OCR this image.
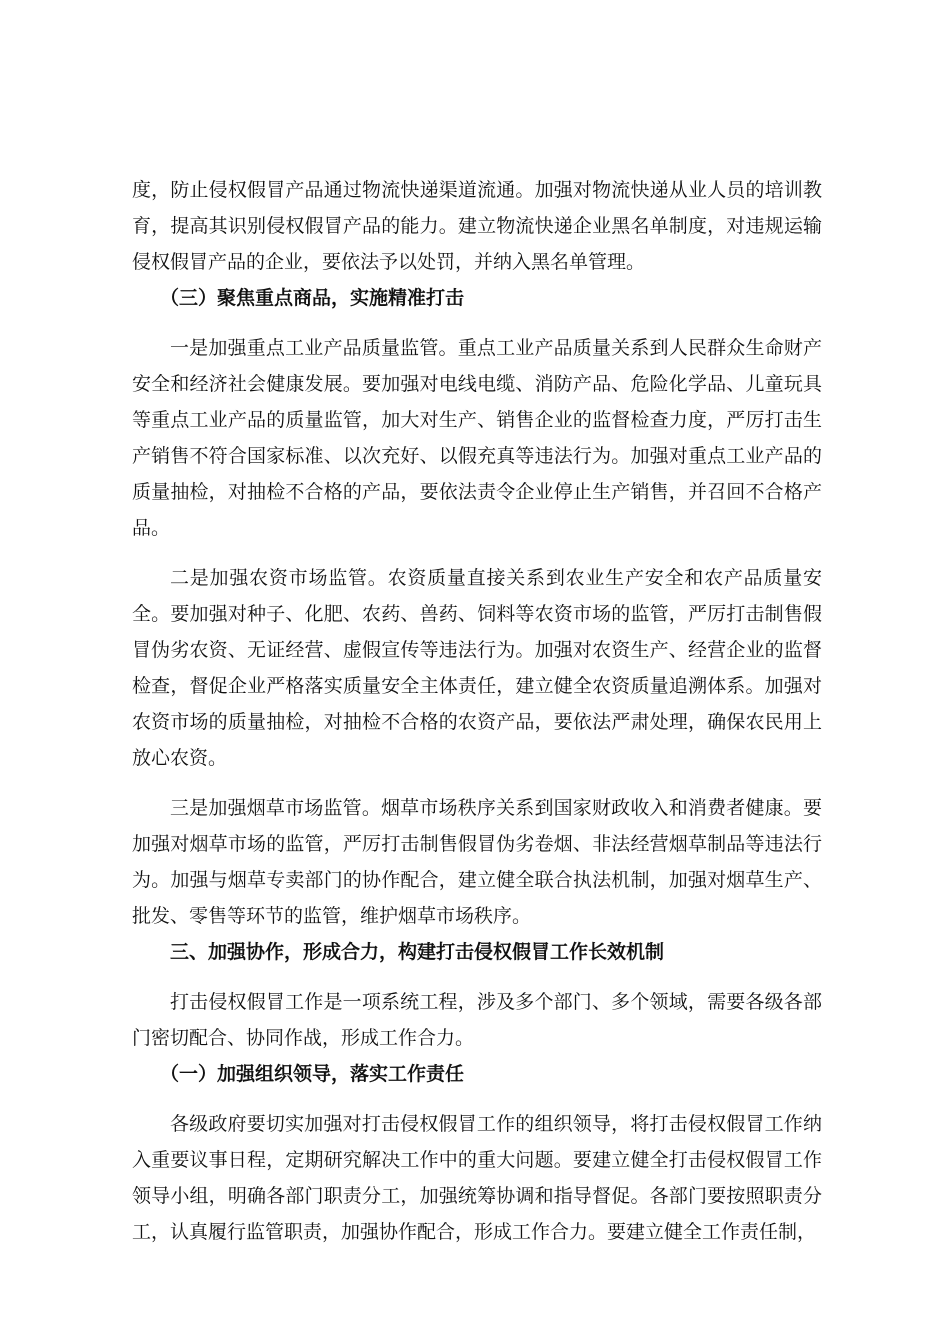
度，防止侵权假冒产品通过物流快递渠道流通。加强对物流快递从业人员的培训教育，提高其识别侵权假冒产品的能力。建立物流快递企业黑名单制度，对违规运输侵权假冒产品的企业，要依法予以处罚，并纳入黑名单管理。

（三）聚焦重点商品，实施精准打击

一是加强重点工业产品质量监管。重点工业产品质量关系到人民群众生命财产安全和经济社会健康发展。要加强对电线电缆、消防产品、危险化学品、儿童玩具等重点工业产品的质量监管，加大对生产、销售企业的监督检查力度，严厉打击生产销售不符合国家标准、以次充好、以假充真等违法行为。加强对重点工业产品的质量抽检，对抽检不合格的产品，要依法责令企业停止生产销售，并召回不合格产品。

二是加强农资市场监管。农资质量直接关系到农业生产安全和农产品质量安全。要加强对种子、化肥、农药、兽药、饲料等农资市场的监管，严厉打击制售假冒伪劣农资、无证经营、虚假宣传等违法行为。加强对农资生产、经营企业的监督检查，督促企业严格落实质量安全主体责任，建立健全农资质量追溯体系。加强对农资市场的质量抽检，对抽检不合格的农资产品，要依法严肃处理，确保农民用上放心农资。

三是加强烟草市场监管。烟草市场秩序关系到国家财政收入和消费者健康。要加强对烟草市场的监管，严厉打击制售假冒伪劣卷烟、非法经营烟草制品等违法行为。加强与烟草专卖部门的协作配合，建立健全联合执法机制，加强对烟草生产、批发、零售等环节的监管，维护烟草市场秩序。

三、加强协作，形成合力，构建打击侵权假冒工作长效机制

打击侵权假冒工作是一项系统工程，涉及多个部门、多个领域，需要各级各部门密切配合、协同作战，形成工作合力。

（一）加强组织领导，落实工作责任

各级政府要切实加强对打击侵权假冒工作的组织领导，将打击侵权假冒工作纳入重要议事日程，定期研究解决工作中的重大问题。要建立健全打击侵权假冒工作领导小组，明确各部门职责分工，加强统筹协调和指导督促。各部门要按照职责分工，认真履行监管职责，加强协作配合，形成工作合力。要建立健全工作责任制，
